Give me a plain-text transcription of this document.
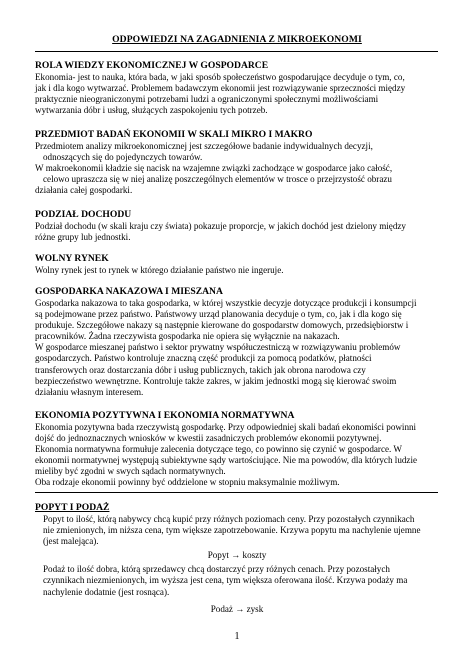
ODPOWIEDZI NA ZAGADNIENIA Z MIKROEKONOMI
ROLA WIEDZY EKONOMICZNEJ W GOSPODARCE
Ekonomia- jest to nauka, która bada, w jaki sposób społeczeństwo gospodarujące decyduje o tym, co,
jak i dla kogo wytwarzać. Problemem badawczym ekonomii jest rozwiązywanie sprzeczności między
praktycznie nieograniczonymi potrzebami ludzi a ograniczonymi społecznymi możliwościami
wytwarzania dóbr i usług, służących zaspokojeniu tych potrzeb.
PRZEDMIOT BADAŃ EKONOMII W SKALI MIKRO I MAKRO
Przedmiotem analizy mikroekonomicznej jest szczegółowe badanie indywidualnych decyzji,
odnoszących się do pojedynczych towarów.
W makroekonomii kładzie się nacisk na wzajemne związki zachodzące w gospodarce jako całość,
celowo upraszcza się w niej analizę poszczególnych elementów w trosce o przejrzystość obrazu
działania całej gospodarki.
PODZIAŁ DOCHODU
Podział dochodu (w skali kraju czy świata) pokazuje proporcje, w jakich dochód jest dzielony między
różne grupy lub jednostki.
WOLNY RYNEK
Wolny rynek jest to rynek w którego działanie państwo nie ingeruje.
GOSPODARKA NAKAZOWA I MIESZANA
Gospodarka nakazowa to taka gospodarka, w której wszystkie decyzje dotyczące produkcji i konsumpcji
są podejmowane przez państwo. Państwowy urząd planowania decyduje o tym, co, jak i dla kogo się
produkuje. Szczegółowe nakazy są następnie kierowane do gospodarstw domowych, przedsiębiorstw i
pracowników. Żadna rzeczywista gospodarka nie opiera się wyłącznie na nakazach.
W gospodarce mieszanej państwo i sektor prywatny współuczestniczą w rozwiązywaniu problemów
gospodarczych. Państwo kontroluje znaczną część produkcji za pomocą podatków, płatności
transferowych oraz dostarczania dóbr i usług publicznych, takich jak obrona narodowa czy
bezpieczeństwo wewnętrzne. Kontroluje także zakres, w jakim jednostki mogą się kierować swoim
działaniu własnym interesem.
EKONOMIA POZYTYWNA I EKONOMIA NORMATYWNA
Ekonomia pozytywna bada rzeczywistą gospodarkę. Przy odpowiedniej skali badań ekonomiści powinni
dojść do jednoznacznych wniosków w kwestii zasadniczych problemów ekonomii pozytywnej.
Ekonomia normatywna formułuje zalecenia dotyczące tego, co powinno się czynić w gospodarce. W
ekonomii normatywnej występują subiektywne sądy wartościujące. Nie ma powodów, dla których ludzie
mieliby być zgodni w swych sądach normatywnych.
Oba rodzaje ekonomii powinny być oddzielone w stopniu maksymalnie możliwym.
POPYT I PODAŻ
Popyt to ilość, którą nabywcy chcą kupić przy różnych poziomach ceny. Przy pozostałych czynnikach
nie zmienionych, im niższa cena, tym większe zapotrzebowanie. Krzywa popytu ma nachylenie ujemne
(jest malejąca).
Popyt → koszty
Podaż to ilość dobra, którą sprzedawcy chcą dostarczyć przy różnych cenach. Przy pozostałych
czynnikach niezmienionych, im wyższa jest cena, tym większa oferowana ilość. Krzywa podaży ma
nachylenie dodatnie (jest rosnąca).
Podaż → zysk
1
